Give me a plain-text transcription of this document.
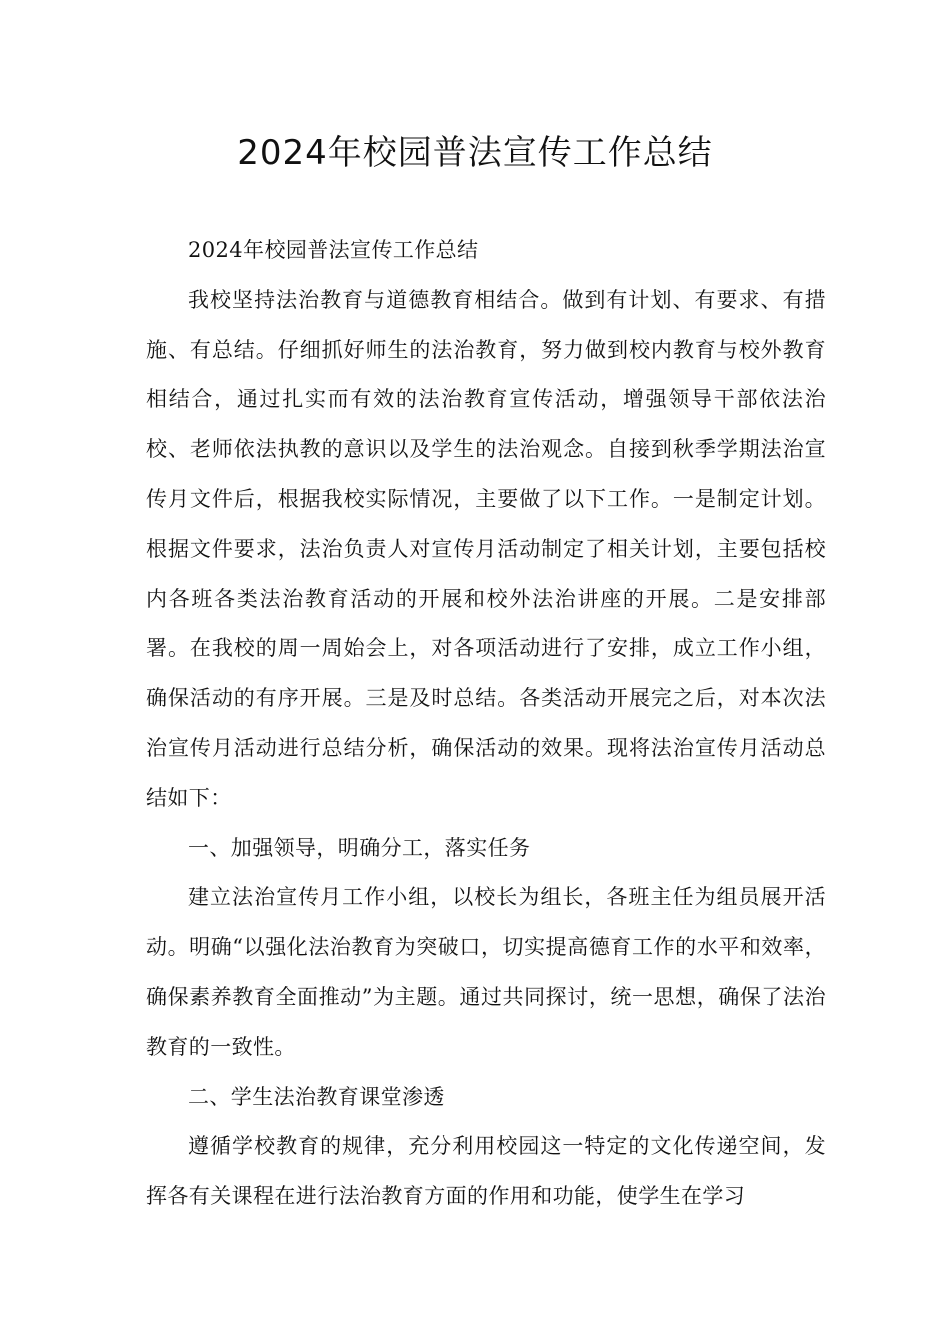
2024年校园普法宣传工作总结

2024年校园普法宣传工作总结

我校坚持法治教育与道德教育相结合。做到有计划、有要求、有措施、有总结。仔细抓好师生的法治教育，努力做到校内教育与校外教育相结合，通过扎实而有效的法治教育宣传活动，增强领导干部依法治校、老师依法执教的意识以及学生的法治观念。自接到秋季学期法治宣传月文件后，根据我校实际情况，主要做了以下工作。一是制定计划。根据文件要求，法治负责人对宣传月活动制定了相关计划，主要包括校内各班各类法治教育活动的开展和校外法治讲座的开展。二是安排部署。在我校的周一周始会上，对各项活动进行了安排，成立工作小组，确保活动的有序开展。三是及时总结。各类活动开展完之后，对本次法治宣传月活动进行总结分析，确保活动的效果。现将法治宣传月活动总结如下：

一、加强领导，明确分工，落实任务

建立法治宣传月工作小组，以校长为组长，各班主任为组员展开活动。明确“以强化法治教育为突破口，切实提高德育工作的水平和效率，确保素养教育全面推动”为主题。通过共同探讨，统一思想，确保了法治教育的一致性。

二、学生法治教育课堂渗透

遵循学校教育的规律，充分利用校园这一特定的文化传递空间，发挥各有关课程在进行法治教育方面的作用和功能，使学生在学习
